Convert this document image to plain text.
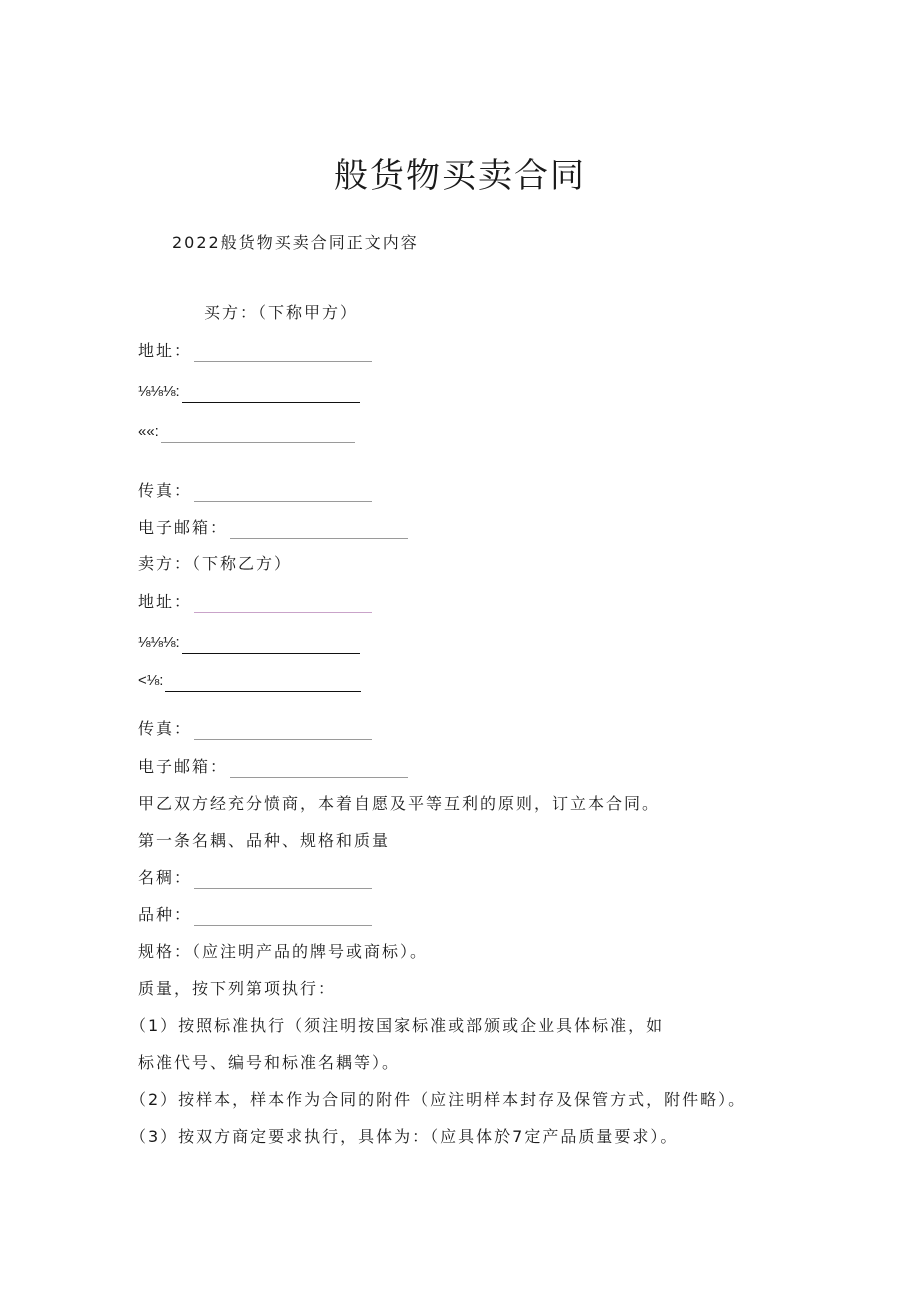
般货物买卖合同
2022般货物买卖合同正文内容
买方：（下称甲方）
地址：
⅛⅛⅛:
««:
传真：
电子邮箱：
卖方：（下称乙方）
地址：
⅛⅛⅛:
<⅛:
传真：
电子邮箱：
甲乙双方经充分愤商，本着自愿及平等互利的原则，订立本合同。
第一条名耦、品种、规格和质量
名稠：
品种：
规格：（应注明产品的牌号或商标）。
质量，按下列第项执行：
（1）按照标准执行（须注明按国家标准或部颁或企业具体标准，如
标准代号、编号和标准名耦等）。
（2）按样本，样本作为合同的附件（应注明样本封存及保管方式，附件略）。
（3）按双方商定要求执行，具体为：（应具体於7定产品质量要求）。
